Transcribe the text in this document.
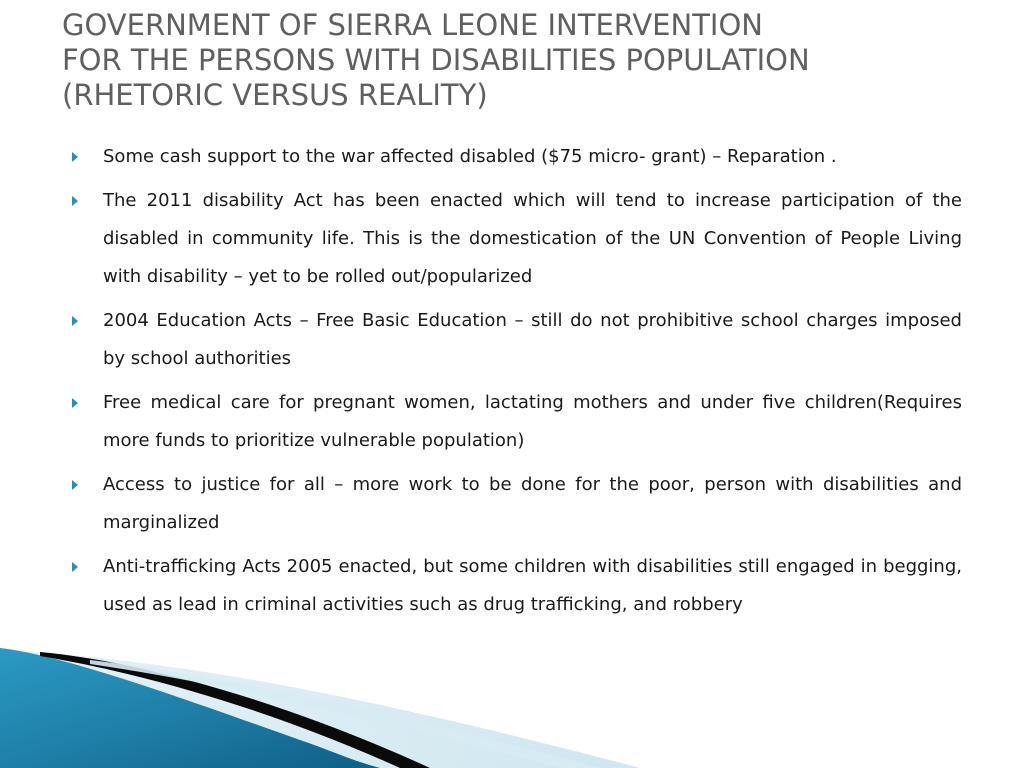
GOVERNMENT OF SIERRA LEONE INTERVENTION
FOR THE PERSONS WITH DISABILITIES POPULATION
(RHETORIC VERSUS REALITY)
Some cash support to the war affected disabled ($75 micro- grant) – Reparation .
The 2011 disability Act has been enacted which will tend to increase participation of the disabled in community life. This is the domestication of the UN Convention of People Living with disability – yet to be rolled out/popularized
2004 Education Acts – Free Basic Education – still do not prohibitive school charges imposed by school authorities
Free medical care for pregnant women, lactating mothers and under five children(Requires more funds to prioritize vulnerable population)
Access to justice for all – more work to be done for the poor, person with disabilities and marginalized
Anti-trafficking Acts 2005 enacted, but some children with disabilities still engaged in begging, used as lead in criminal activities such as drug trafficking, and robbery
